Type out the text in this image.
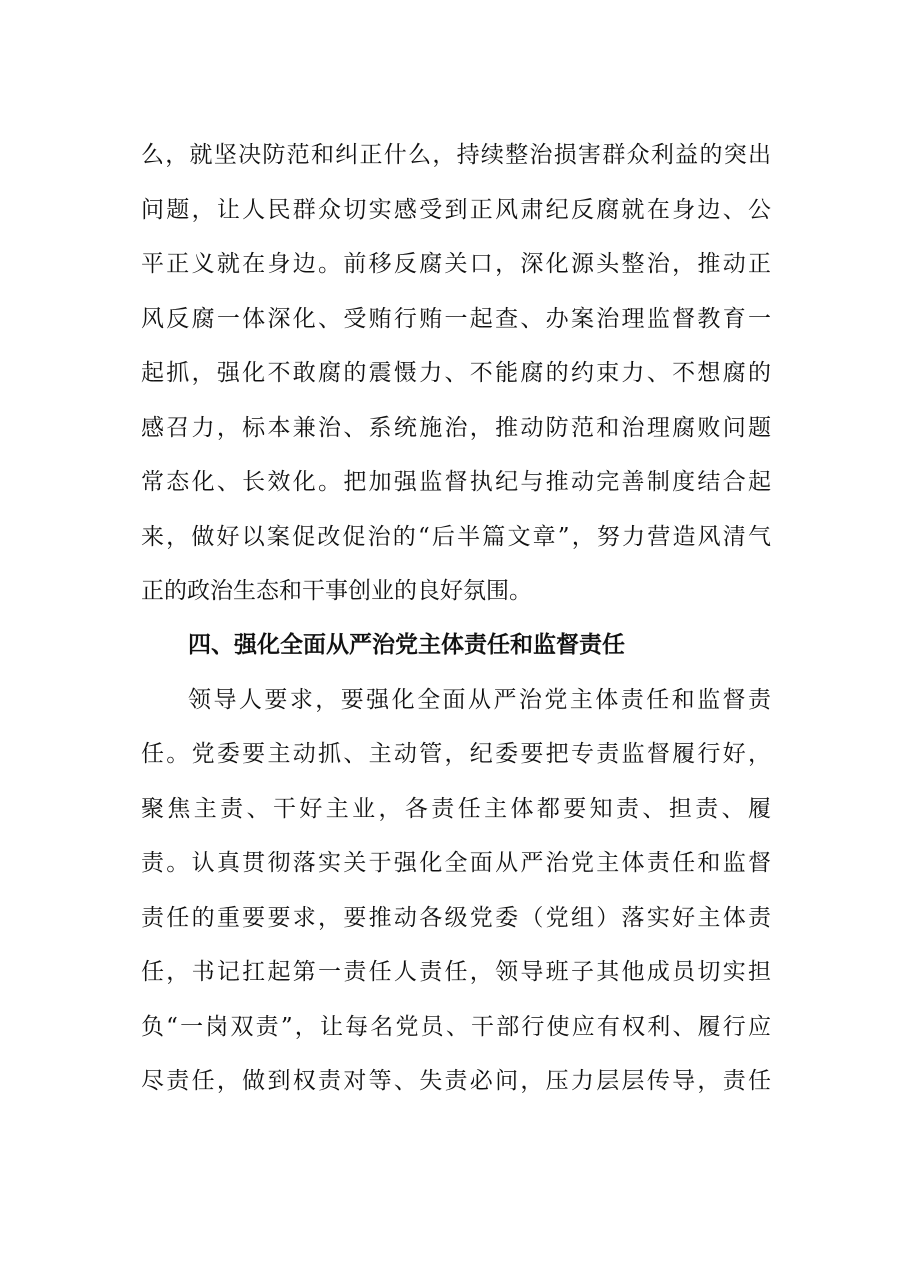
么，就坚决防范和纠正什么，持续整治损害群众利益的突出
问题，让人民群众切实感受到正风肃纪反腐就在身边、公
平正义就在身边。前移反腐关口，深化源头整治，推动正
风反腐一体深化、受贿行贿一起查、办案治理监督教育一
起抓，强化不敢腐的震慑力、不能腐的约束力、不想腐的
感召力，标本兼治、系统施治，推动防范和治理腐败问题
常态化、长效化。把加强监督执纪与推动完善制度结合起
来，做好以案促改促治的“后半篇文章”，努力营造风清气
正的政治生态和干事创业的良好氛围。
四、强化全面从严治党主体责任和监督责任
领导人要求，要强化全面从严治党主体责任和监督责
任。党委要主动抓、主动管，纪委要把专责监督履行好，
聚焦主责、干好主业，各责任主体都要知责、担责、履
责。认真贯彻落实关于强化全面从严治党主体责任和监督
责任的重要要求，要推动各级党委（党组）落实好主体责
任，书记扛起第一责任人责任，领导班子其他成员切实担
负“一岗双责”，让每名党员、干部行使应有权利、履行应
尽责任，做到权责对等、失责必问，压力层层传导，责任
